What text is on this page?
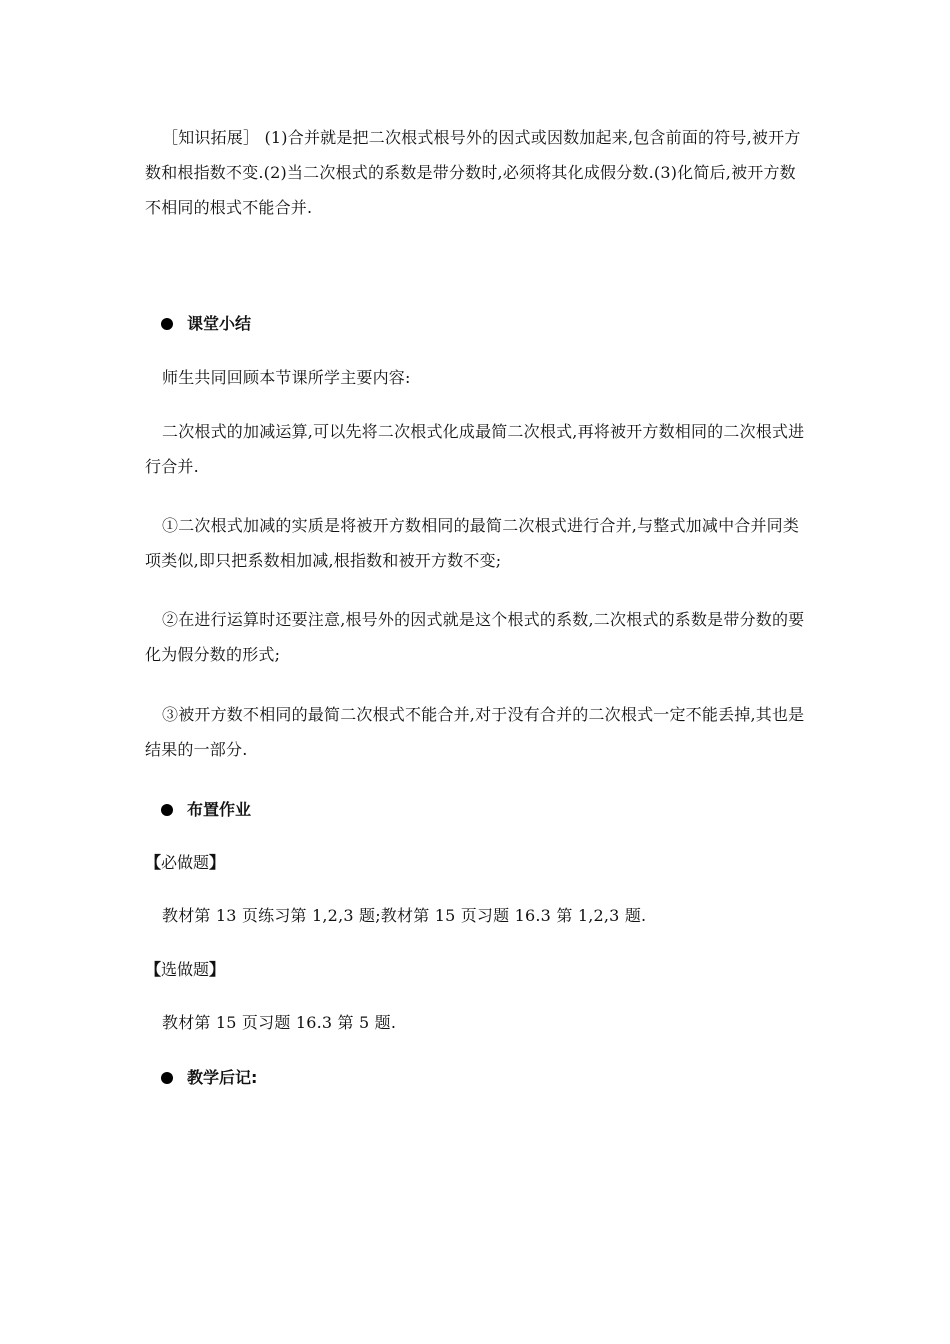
［知识拓展］ (1)合并就是把二次根式根号外的因式或因数加起来,包含前面的符号,被开方数和根指数不变.(2)当二次根式的系数是带分数时,必须将其化成假分数.(3)化简后,被开方数不相同的根式不能合并.

课堂小结

师生共同回顾本节课所学主要内容:

二次根式的加减运算,可以先将二次根式化成最简二次根式,再将被开方数相同的二次根式进行合并.

①二次根式加减的实质是将被开方数相同的最简二次根式进行合并,与整式加减中合并同类项类似,即只把系数相加减,根指数和被开方数不变;

②在进行运算时还要注意,根号外的因式就是这个根式的系数,二次根式的系数是带分数的要化为假分数的形式;

③被开方数不相同的最简二次根式不能合并,对于没有合并的二次根式一定不能丢掉,其也是结果的一部分.

布置作业
【必做题】

教材第 13 页练习第 1,2,3 题;教材第 15 页习题 16.3 第 1,2,3 题.

【选做题】

教材第 15 页习题 16.3 第 5 题.

教学后记:
